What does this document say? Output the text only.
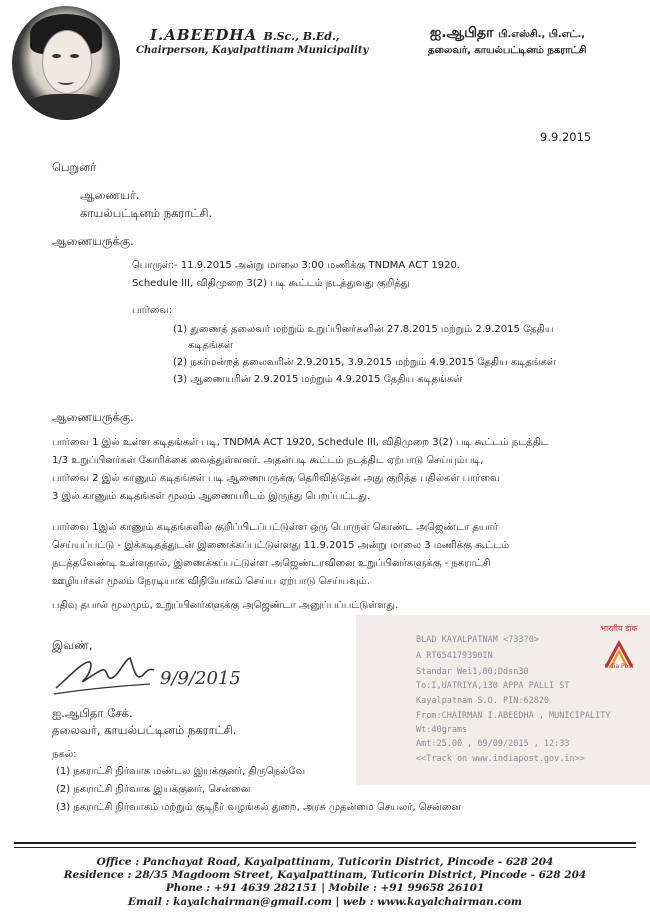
I.ABEEDHA B.Sc., B.Ed.,
Chairperson, Kayalpattinam Municipality
ஐ.ஆபிதா பி.எஸ்சி., பி.எட்.,
தலைவர், காயல்பட்டினம் நகராட்சி
9.9.2015
பெறுனர்
ஆணையர்.
காயல்பட்டினம் நகராட்சி.
ஆணையருக்கு.
பொருள்:- 11.9.2015 அன்று மாலை 3:00 மணிக்கு TNDMA ACT 1920.
Schedule III, விதிமுறை 3(2) படி கூட்டம் நடத்துவது குறித்து
பார்வை:
(1) துணைத் தலைவர் மற்றும் உறுப்பினர்களின் 27.8.2015 மற்றும் 2.9.2015 தேதிய
கடிதங்கள்
(2) நகர்மன்றத் தலைவரின் 2.9.2015, 3.9.2015 மற்றும் 4.9.2015 தேதிய கடிதங்கள்
(3) ஆணையரின் 2.9.2015 மற்றும் 4.9.2015 தேதிய கடிதங்கள்
ஆணையருக்கு.
பார்வை 1 இல் உள்ள கடிதங்கள் படி, TNDMA ACT 1920, Schedule III, விதிமுறை 3(2) படி கூட்டம் நடத்திட
1/3 உறுப்பினர்கள் கோரிக்கை வைத்துள்ளனர். அதன்படி கூட்டம் நடத்திட ஏற்பாடு செய்யும்படி,
பார்வை 2 இல் காணும் கடிதங்கள் படி ஆணையருக்கு தெரிவித்தேன் அது குறித்த பதில்கள் பார்வை
3 இல் காணும் கடிதங்கள் மூலம் ஆணையரிடம் இருந்து பெறப்பட்டது.
பார்வை 1இல் காணும் கடிதங்களில் குறிப்பிடப்பட்டுள்ள ஒரு பொருள் கொண்ட அஜெண்டா தயார்
செய்யப்பட்டு - இக்கடிதத்துடன் இணைக்கப்பட்டுள்ளது 11.9.2015 அன்று மாலை 3 மணிக்கு கூட்டம்
நடத்தவேண்டி உள்ளதால், இணைக்கப்பட்டுள்ள அஜெண்டாவினை உறுப்பினர்களுக்கு - நகராட்சி
ஊழியர்கள் மூலம் நேரடியாக விநியோகம் செய்ய ஏற்பாடு செய்யவும்.
பதிவு தபால் மூலமும், உறுப்பினர்களுக்கு அஜெண்டா அனுப்பப்பட்டுள்ளது.
भारतीय डाक
India Post
BLAD KAYALPATNAM <733?0>
A RT654179390IN
Standar Wei1,00;Ddsn30
To:I,UATRIYA,130 APPA PALLI ST
Kayalpatnam S.O. PIN:62820
From:CHAIRMAN I.ABEEDHA , MUNICIPALITY
Wt:40grams
Amt:25.00 , 09/09/2015 , 12:33
<<Track on www.indiapost.gov.in>>
இவண்,
9/9/2015
ஐ.ஆபிதா சேக்.
தலைவர், காயல்பட்டினம் நகராட்சி.
நகல்:
(1) நகராட்சி நிர்வாக மண்டல இயக்குனர், திருநெல்வே
(2) நகராட்சி நிர்வாக இயக்குனர், சென்னை
(3) நகராட்சி நிர்வாகம் மற்றும் குடிநீர் வழங்கல் துறை, அரசு முதன்மை செயலர், சென்னை
Office : Panchayat Road, Kayalpattinam, Tuticorin District, Pincode - 628 204
Residence : 28/35 Magdoom Street, Kayalpattinam, Tuticorin District, Pincode - 628 204
Phone : +91 4639 282151 | Mobile : +91 99658 26101
Email : kayalchairman@gmail.com | web : www.kayalchairman.com
